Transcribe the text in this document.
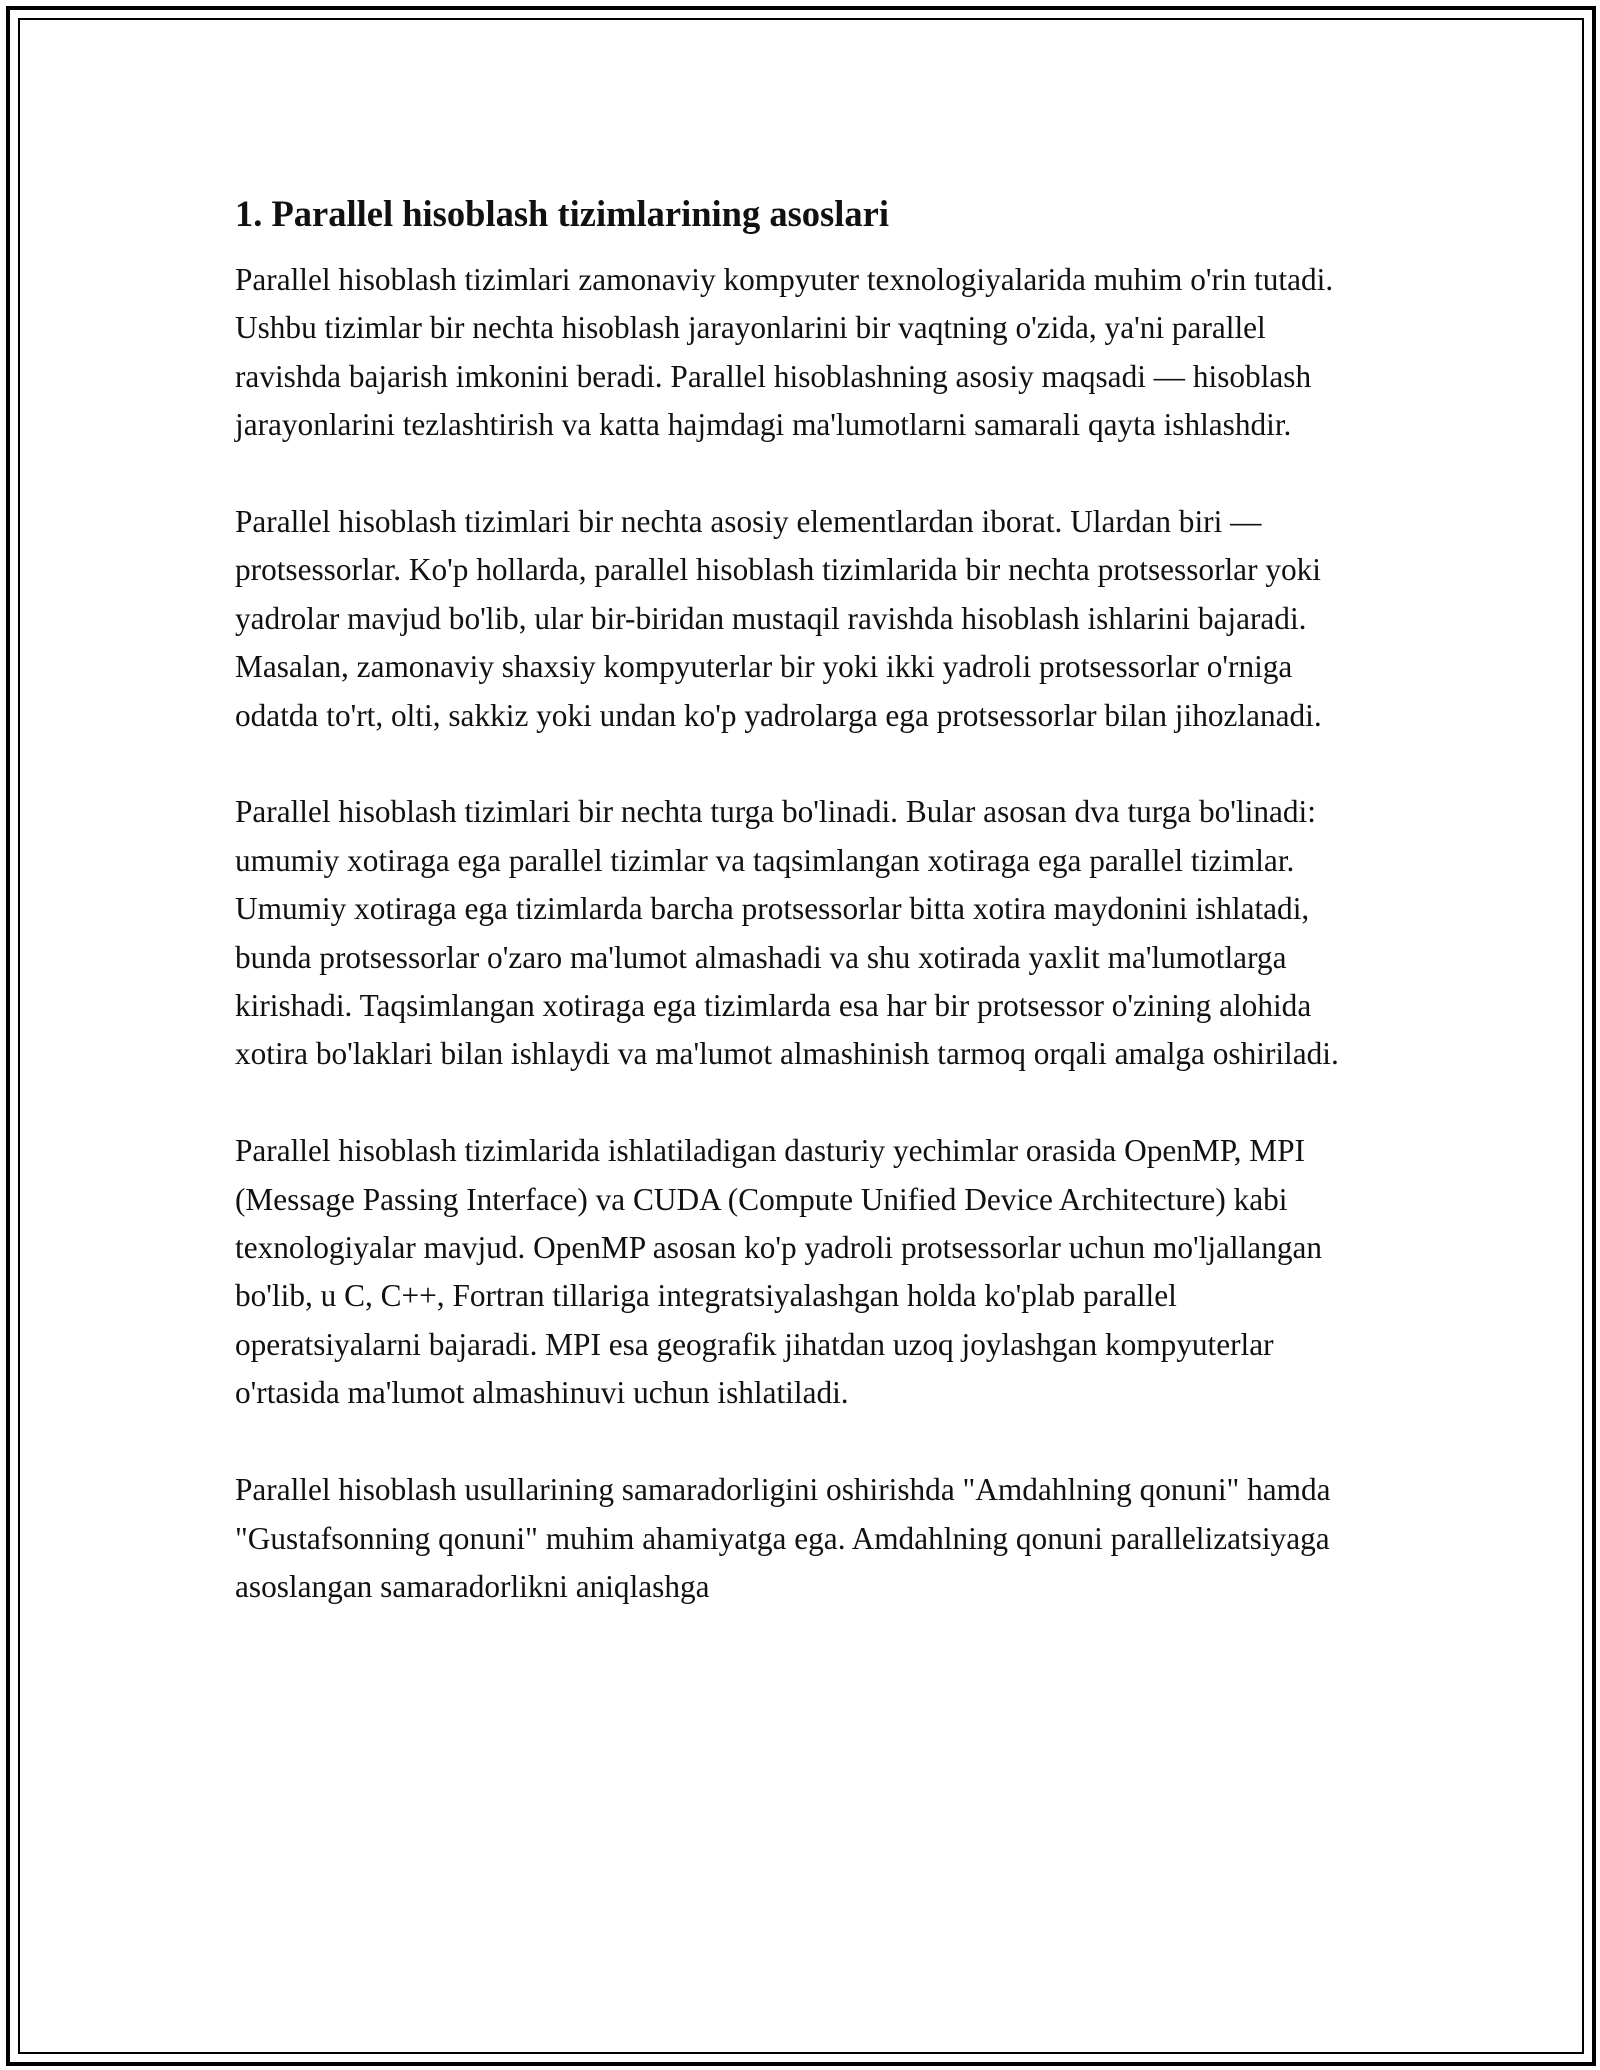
1. Parallel hisoblash tizimlarining asoslari

Parallel hisoblash tizimlari zamonaviy kompyuter texnologiyalarida muhim o'rin tutadi. Ushbu tizimlar bir nechta hisoblash jarayonlarini bir vaqtning o'zida, ya'ni parallel ravishda bajarish imkonini beradi. Parallel hisoblashning asosiy maqsadi — hisoblash jarayonlarini tezlashtirish va katta hajmdagi ma'lumotlarni samarali qayta ishlashdir.

Parallel hisoblash tizimlari bir nechta asosiy elementlardan iborat. Ulardan biri — protsessorlar. Ko'p hollarda, parallel hisoblash tizimlarida bir nechta protsessorlar yoki yadrolar mavjud bo'lib, ular bir-biridan mustaqil ravishda hisoblash ishlarini bajaradi. Masalan, zamonaviy shaxsiy kompyuterlar bir yoki ikki yadroli protsessorlar o'rniga odatda to'rt, olti, sakkiz yoki undan ko'p yadrolarga ega protsessorlar bilan jihozlanadi.

Parallel hisoblash tizimlari bir nechta turga bo'linadi. Bular asosan dva turga bo'linadi: umumiy xotiraga ega parallel tizimlar va taqsimlangan xotiraga ega parallel tizimlar. Umumiy xotiraga ega tizimlarda barcha protsessorlar bitta xotira maydonini ishlatadi, bunda protsessorlar o'zaro ma'lumot almashadi va shu xotirada yaxlit ma'lumotlarga kirishadi. Taqsimlangan xotiraga ega tizimlarda esa har bir protsessor o'zining alohida xotira bo'laklari bilan ishlaydi va ma'lumot almashinish tarmoq orqali amalga oshiriladi.

Parallel hisoblash tizimlarida ishlatiladigan dasturiy yechimlar orasida OpenMP, MPI (Message Passing Interface) va CUDA (Compute Unified Device Architecture) kabi texnologiyalar mavjud. OpenMP asosan ko'p yadroli protsessorlar uchun mo'ljallangan bo'lib, u C, C++, Fortran tillariga integratsiyalashgan holda ko'plab parallel operatsiyalarni bajaradi. MPI esa geografik jihatdan uzoq joylashgan kompyuterlar o'rtasida ma'lumot almashinuvi uchun ishlatiladi.

Parallel hisoblash usullarining samaradorligini oshirishda "Amdahlning qonuni" hamda "Gustafsonning qonuni" muhim ahamiyatga ega. Amdahlning qonuni parallelizatsiyaga asoslangan samaradorlikni aniqlashga
